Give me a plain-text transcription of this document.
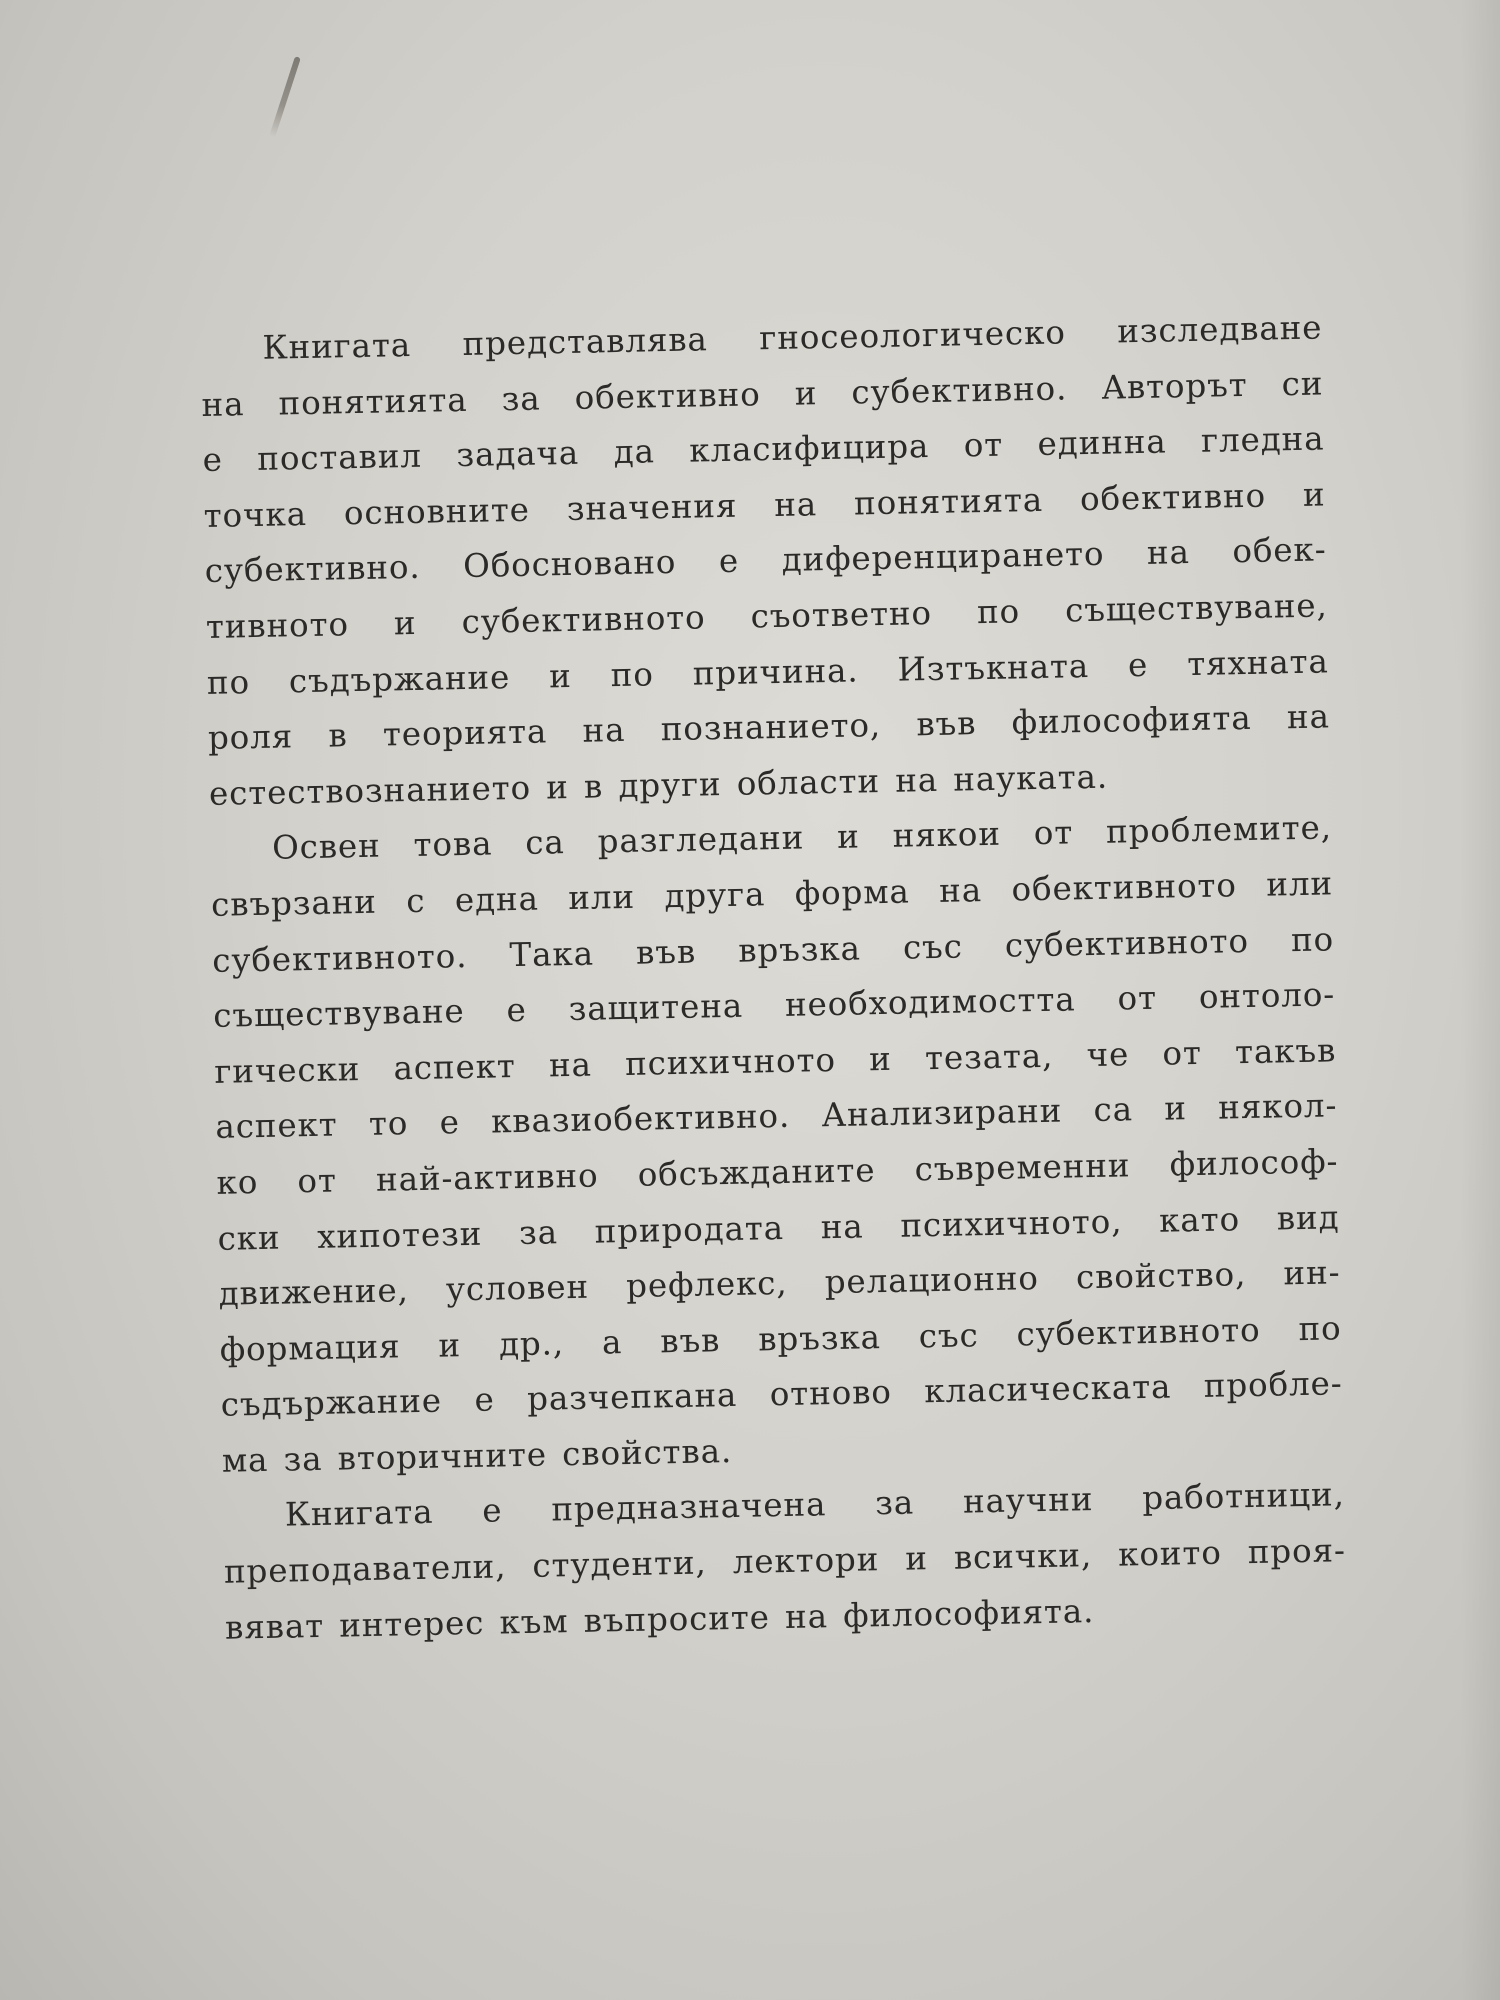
Книгата представлява гносеологическо изследване
на понятията за обективно и субективно. Авторът си
е поставил задача да класифицира от единна гледна
точка основните значения на понятията обективно и
субективно. Обосновано е диференцирането на обек-
тивното и субективното съответно по съществуване,
по съдържание и по причина. Изтъкната е тяхната
роля в теорията на познанието, във философията на
естествознанието и в други области на науката.

Освен това са разгледани и някои от проблемите,
свързани с една или друга форма на обективното или
субективното. Така във връзка със субективното по
съществуване е защитена необходимостта от онтоло-
гически аспект на психичното и тезата, че от такъв
аспект то е квазиобективно. Анализирани са и някол-
ко от най-активно обсъжданите съвременни философ-
ски хипотези за природата на психичното, като вид
движение, условен рефлекс, релационно свойство, ин-
формация и др., а във връзка със субективното по
съдържание е разчепкана отново класическата пробле-
ма за вторичните свойства.

Книгата е предназначена за научни работници,
преподаватели, студенти, лектори и всички, които проя-
вяват интерес към въпросите на философията.
